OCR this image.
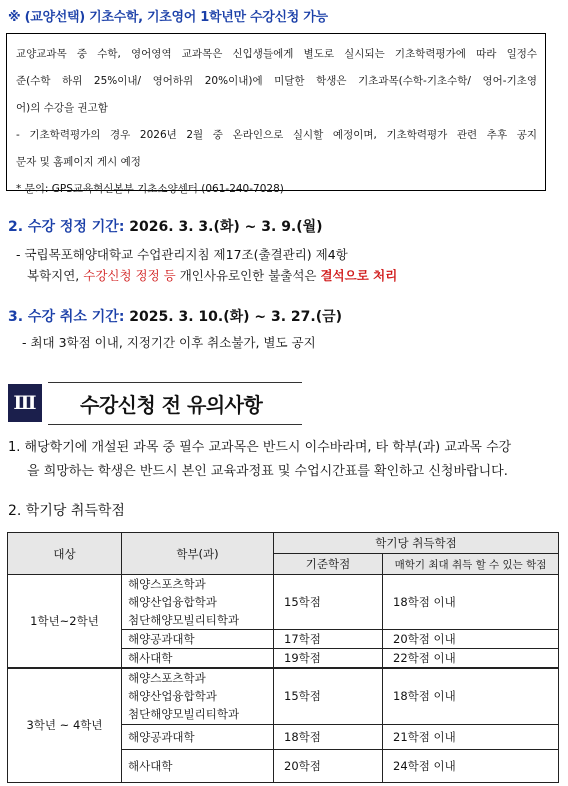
※ (교양선택) 기초수학, 기초영어 1학년만 수강신청 가능

교양교과목 중 수학, 영어영역 교과목은 신입생들에게 별도로 실시되는 기초학력평가에 따라 일정수

준(수학 하위 25%이내/ 영어하위 20%이내)에 미달한 학생은 기초과목(수학-기초수학/ 영어-기초영

어)의 수강을 권고함

- 기초학력평가의 경우 2026년 2월 중 온라인으로 실시할 예정이며, 기초학력평가 관련 추후 공지

문자 및 홈페이지 게시 예정

* 문의: GPS교육혁신본부 기초소양센터 (061-240-7028)

2. 수강 정정 기간: 2026. 3. 3.(화) ~ 3. 9.(월)
- 국립목포해양대학교 수업관리지침 제17조(출결관리) 제4항
복학지연, 수강신청 정정 등 개인사유로인한 불출석은 결석으로 처리
3. 수강 취소 기간: 2025. 3. 10.(화) ~ 3. 27.(금)
- 최대 3학점 이내, 지정기간 이후 취소불가, 별도 공지
Ⅲ 수강신청 전 유의사항
1. 해당학기에 개설된 과목 중 필수 교과목은 반드시 이수바라며, 타 학부(과) 교과목 수강
을 희망하는 학생은 반드시 본인 교육과정표 및 수업시간표를 확인하고 신청바랍니다.
2. 학기당 취득학점
대상	학부(과)	학기당 취득학점	
		기준학점	매학기 최대 취득 할 수 있는 학점
1학년~2학년	해양스포츠학과
해양산업융합학과
첨단해양모빌리티학과	15학점	18학점 이내

	해양공과대학	17학점	20학점 이내

	해사대학	19학점	22학점 이내
3학년 ~ 4학년	해양스포츠학과
해양산업융합학과
첨단해양모빌리티학과	15학점	18학점 이내

	해양공과대학	18학점	21학점 이내

	해사대학	20학점	24학점 이내
